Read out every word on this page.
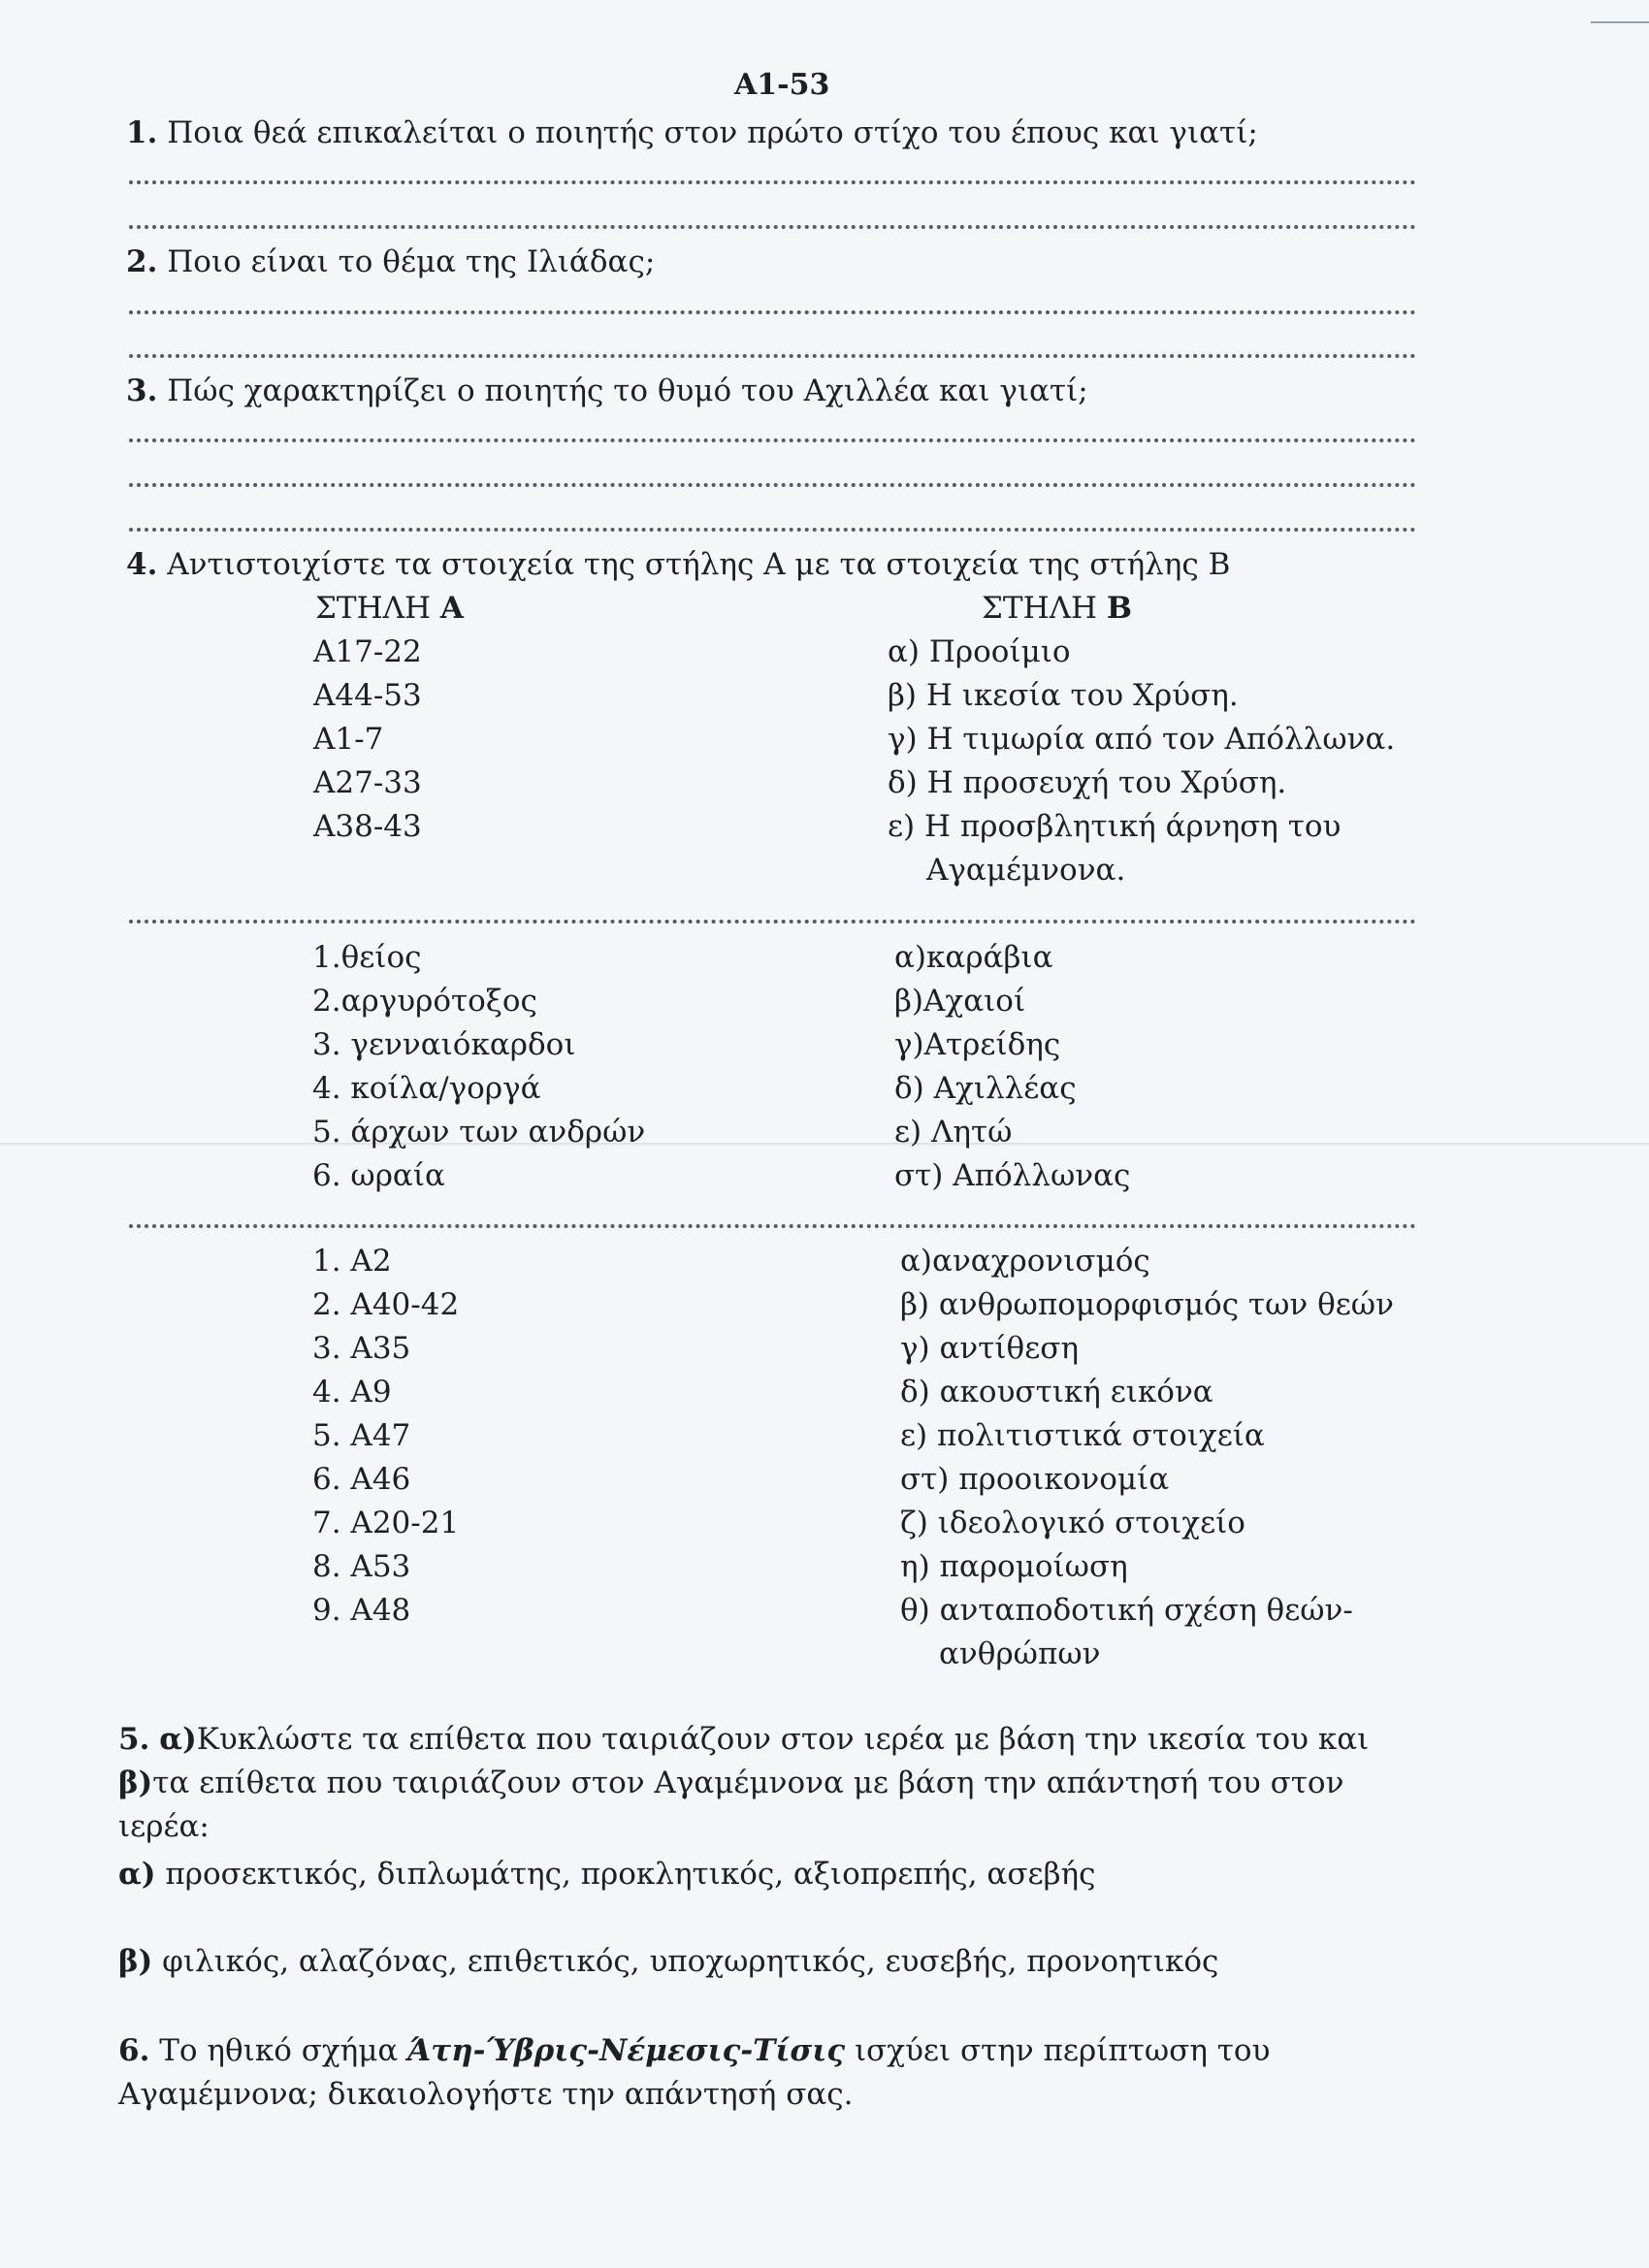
Α1-53
1. Ποια θεά επικαλείται ο ποιητής στον πρώτο στίχο του έπους και γιατί;
2. Ποιο είναι το θέμα της Ιλιάδας;
3. Πώς χαρακτηρίζει ο ποιητής το θυμό του Αχιλλέα και γιατί;
4. Αντιστοιχίστε τα στοιχεία της στήλης Α με τα στοιχεία της στήλης Β
ΣΤΗΛΗ Α	ΣΤΗΛΗ Β
Α17-22
Α44-53
Α1-7
Α27-33
Α38-43
α) Προοίμιο
β) Η ικεσία του Χρύση.
γ) Η τιμωρία από τον Απόλλωνα.
δ) Η προσευχή του Χρύση.
ε) Η προσβλητική άρνηση του
Αγαμέμνονα.
1.θείος
2.αργυρότοξος
3. γενναιόκαρδοι
4. κοίλα/γοργά
5. άρχων των ανδρών
6. ωραία
α)καράβια
β)Αχαιοί
γ)Ατρείδης
δ) Αχιλλέας
ε) Λητώ
στ) Απόλλωνας
1. Α2
2. Α40-42
3. Α35
4. Α9
5. Α47
6. Α46
7. Α20-21
8. Α53
9. Α48
α)αναχρονισμός
β) ανθρωπομορφισμός των θεών
γ) αντίθεση
δ) ακουστική εικόνα
ε) πολιτιστικά στοιχεία
στ) προοικονομία
ζ) ιδεολογικό στοιχείο
η) παρομοίωση
θ) ανταποδοτική σχέση θεών-
ανθρώπων
5. α)Κυκλώστε τα επίθετα που ταιριάζουν στον ιερέα με βάση την ικεσία του και β)τα επίθετα που ταιριάζουν στον Αγαμέμνονα με βάση την απάντησή του στον ιερέα:
α) προσεκτικός, διπλωμάτης, προκλητικός, αξιοπρεπής, ασεβής
β) φιλικός, αλαζόνας, επιθετικός, υποχωρητικός, ευσεβής, προνοητικός
6. Το ηθικό σχήμα Άτη-Ύβρις-Νέμεσις-Τίσις ισχύει στην περίπτωση του Αγαμέμνονα; δικαιολογήστε την απάντησή σας.
